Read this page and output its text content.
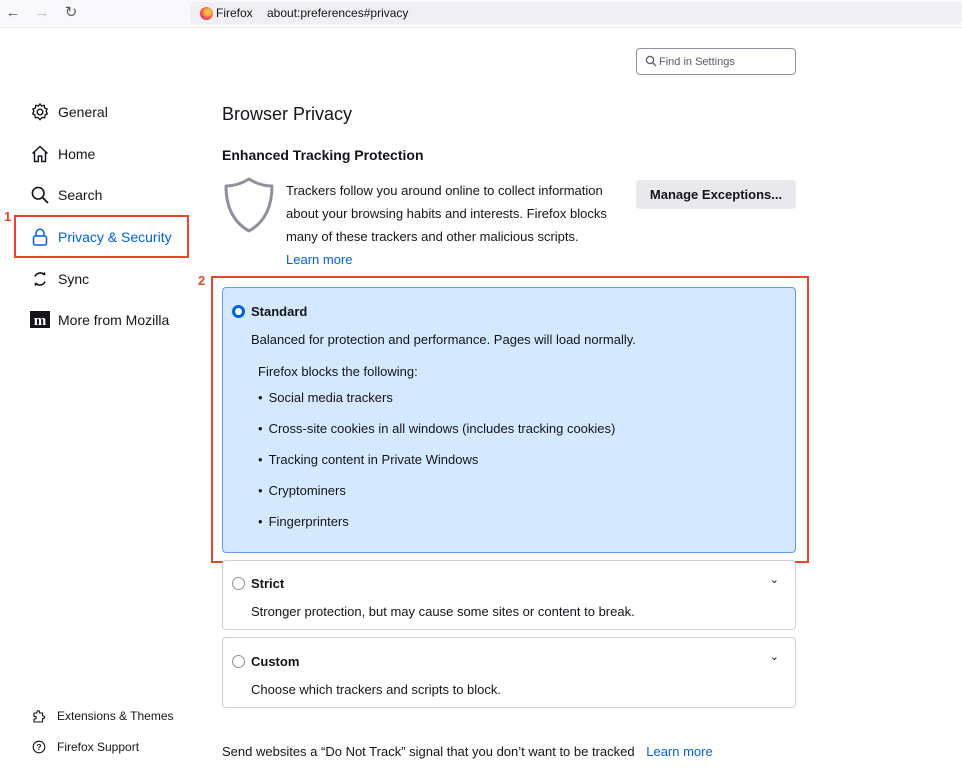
← → ↻	Firefox about:preferences#privacy
Find in Settings
General
Home
Search
Privacy & Security
Sync
m More from Mozilla
Extensions & Themes
? Firefox Support
1
Browser Privacy
Enhanced Tracking Protection
Trackers follow you around online to collect information about your browsing habits and interests. Firefox blocks many of these trackers and other malicious scripts.
Learn more
Manage Exceptions...
Standard
Balanced for protection and performance. Pages will load normally.
Firefox blocks the following:
• Social media trackers
• Cross-site cookies in all windows (includes tracking cookies)
• Tracking content in Private Windows
• Cryptominers
• Fingerprinters
2
Strict
Stronger protection, but may cause some sites or content to break.
⌄
Custom
Choose which trackers and scripts to block.
⌄
Send websites a “Do Not Track” signal that you don’t want to be tracked Learn more
